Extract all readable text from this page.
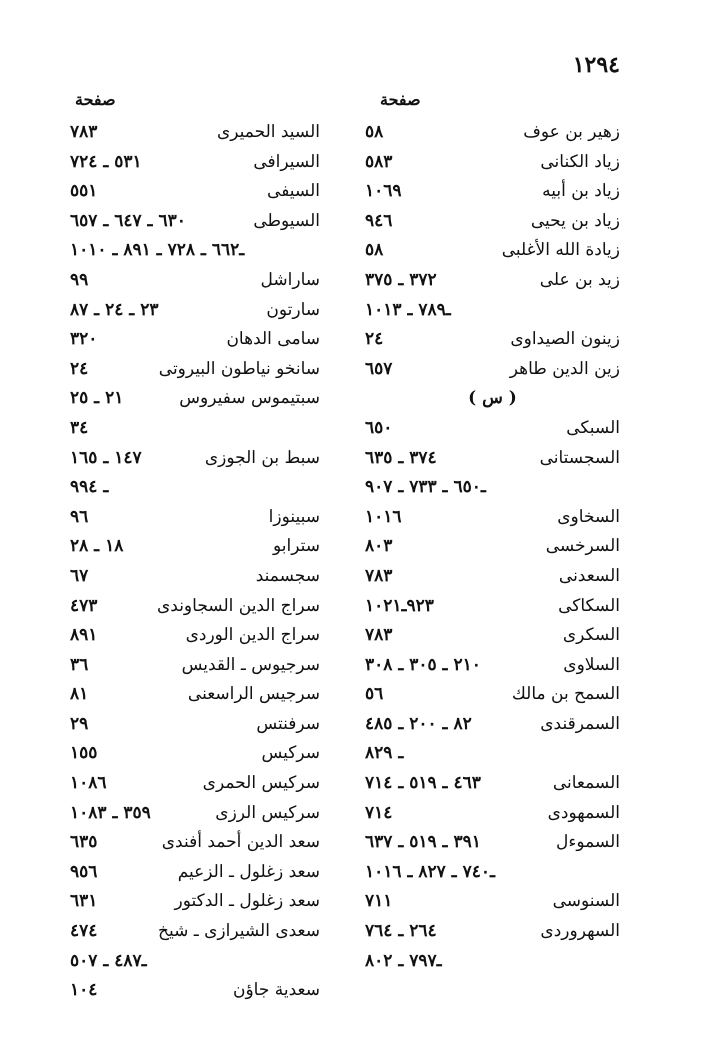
١٢٩٤
صفحة
زهير بن عوف
٥٨
زياد الكنانى
٥٨٣
زياد بن أبيه
١٠٦٩
زياد بن يحيى
٩٤٦
زيادة الله الأغلبى
٥٨
زيد بن على
٣٧٢ ـ ٣٧٥
ـ٧٨٩ ـ ١٠١٣
زينون الصيداوى
٢٤
زين الدين طاهر
٦٥٧
( س )
السبكى
٦٥٠
السجستانى
٣٧٤ ـ ٦٣٥
ـ٦٥٠ ـ ٧٣٣ ـ ٩٠٧
السخاوى
١٠١٦
السرخسى
٨٠٣
السعدنى
٧٨٣
السكاكى
٩٢٣ـ١٠٢١
السكرى
٧٨٣
السلاوى
٢١٠ ـ ٣٠٥ ـ ٣٠٨
السمح بن مالك
٥٦
السمرقندى
٨٢ ـ ٢٠٠ ـ ٤٨٥
ـ ٨٢٩
السمعانى
٤٦٣ ـ ٥١٩ ـ ٧١٤
السمهودى
٧١٤
السموءل
٣٩١ ـ ٥١٩ ـ ٦٣٧
ـ٧٤٠ ـ ٨٢٧ ـ ١٠١٦
السنوسى
٧١١
السهروردى
٢٦٤ ـ ٧٦٤
ـ٧٩٧ ـ ٨٠٢
صفحة
السيد الحميرى
٧٨٣
السيرافى
٥٣١ ـ ٧٢٤
السيفى
٥٥١
السيوطى
٦٣٠ ـ ٦٤٧ ـ ٦٥٧
ـ٦٦٢ ـ ٧٢٨ ـ ٨٩١ ـ ١٠١٠
ساراشل
٩٩
سارتون
٢٣ ـ ٢٤ ـ ٨٧
سامى الدهان
٣٢٠
سانخو نياطون البيروتى
٢٤
سبتيموس سفيروس
٢١ ـ ٢٥
٣٤
سبط بن الجوزى
١٤٧ ـ ١٦٥
ـ ٩٩٤
سبينوزا
٩٦
سترابو
١٨ ـ ٢٨
سجسمند
٦٧
سراج الدين السجاوندى
٤٧٣
سراج الدين الوردى
٨٩١
سرجيوس ـ القديس
٣٦
سرجيس الراسعنى
٨١
سرفنتس
٢٩
سركيس
١٥٥
سركيس الحمرى
١٠٨٦
سركيس الرزى
٣٥٩ ـ ١٠٨٣
سعد الدين أحمد أفندى
٦٣٥
سعد زغلول ـ الزعيم
٩٥٦
سعد زغلول ـ الدكتور
٦٣١
سعدى الشيرازى ـ شيخ
٤٧٤
ـ٤٨٧ ـ ٥٠٧
سعدية جاؤن
١٠٤
